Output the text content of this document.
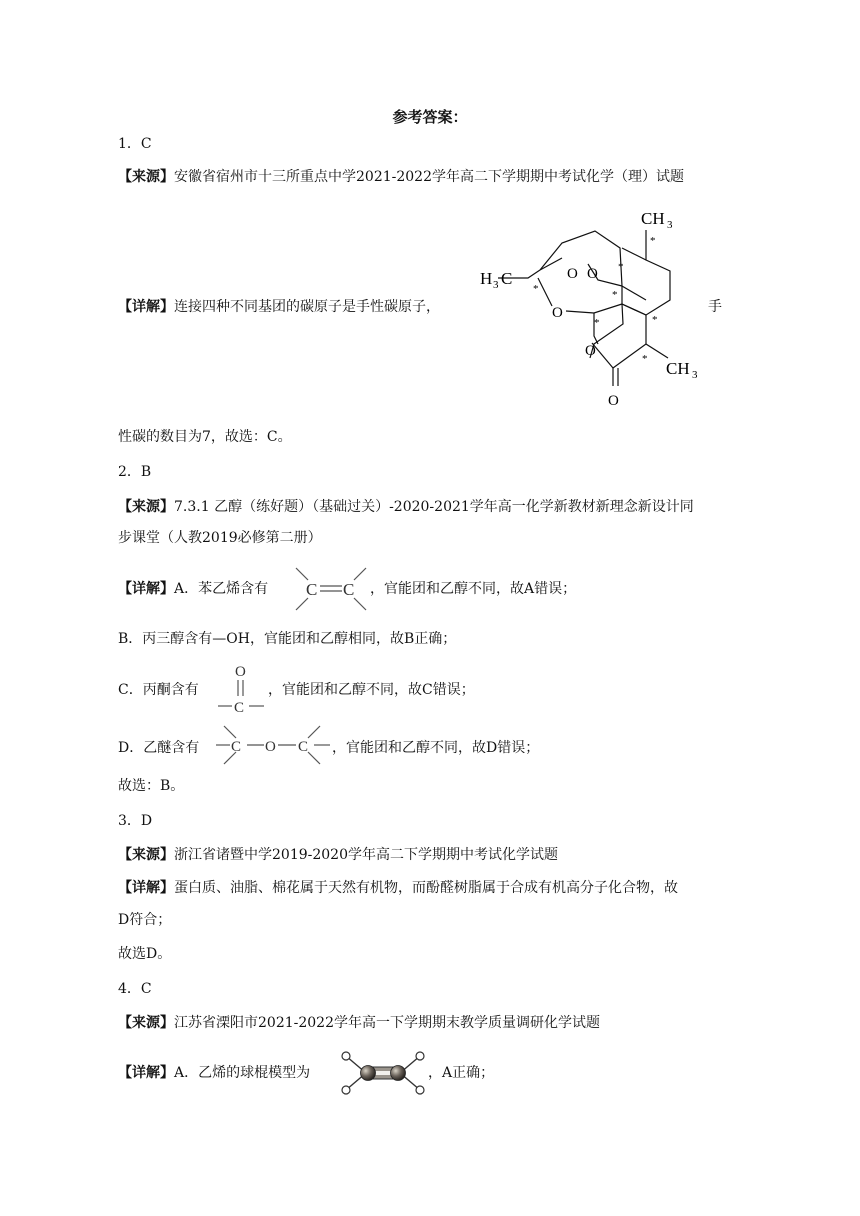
参考答案：
1．C
【来源】安徽省宿州市十三所重点中学2021-2022学年高二下学期期中考试化学（理）试题
【详解】连接四种不同基团的碳原子是手性碳原子，	手
CH 3
H 3 C	O O
O
O
O
CH 3
*
*
*	*
*	*
*
性碳的数目为7，故选：C。
2．B
【来源】7.3.1 乙醇（练好题）（基础过关）-2020-2021学年高一化学新教材新理念新设计同
步课堂（人教2019必修第二册）
【详解】A．苯乙烯含有 C C ，官能团和乙醇不同，故A错误；
B．丙三醇含有—OH，官能团和乙醇相同，故B正确；
C．丙酮含有
O
C
，官能团和乙醇不同，故C错误；
D．乙醚含有 C O C ，官能团和乙醇不同，故D错误；
故选：B。
3．D
【来源】浙江省诸暨中学2019-2020学年高二下学期期中考试化学试题
【详解】蛋白质、油脂、棉花属于天然有机物，而酚醛树脂属于合成有机高分子化合物，故
D符合；
故选D。
4．C
【来源】江苏省溧阳市2021-2022学年高一下学期期末教学质量调研化学试题
【详解】A．乙烯的球棍模型为	，A正确；
